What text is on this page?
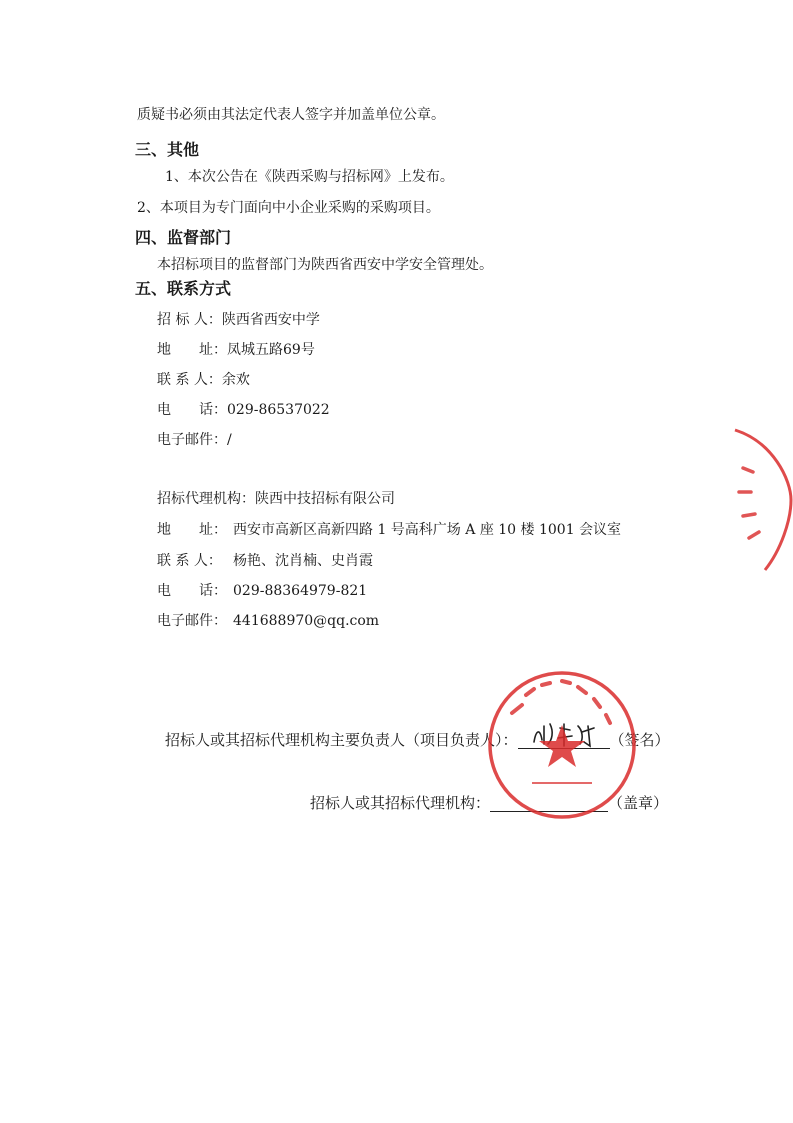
质疑书必须由其法定代表人签字并加盖单位公章。
三、其他
1、本次公告在《陕西采购与招标网》上发布。
2、本项目为专门面向中小企业采购的采购项目。
四、监督部门
本招标项目的监督部门为陕西省西安中学安全管理处。
五、联系方式
招 标 人：陕西省西安中学
地　　址：凤城五路69号
联 系 人：余欢
电　　话：029-86537022
电子邮件：/
招标代理机构：陕西中技招标有限公司
地　　址： 西安市高新区高新四路 1 号高科广场 A 座 10 楼 1001 会议室
联 系 人： 杨艳、沈肖楠、史肖霞
电　　话： 029-88364979-821
电子邮件： 441688970@qq.com
招标人或其招标代理机构主要负责人（项目负责人）：	（签名）
招标人或其招标代理机构：	（盖章）
